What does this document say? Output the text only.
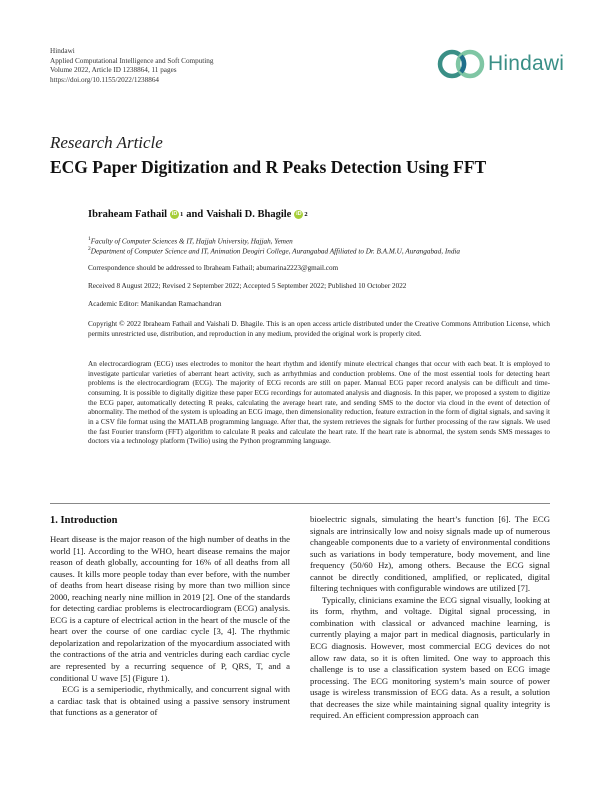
Hindawi
Applied Computational Intelligence and Soft Computing
Volume 2022, Article ID 1238864, 11 pages
https://doi.org/10.1155/2022/1238864
Hindawi
Research Article
ECG Paper Digitization and R Peaks Detection Using FFT
Ibraheam Fathail iD 1 and Vaishali D. Bhagile iD 2
$^1$Faculty of Computer Sciences & IT, Hajjah University, Hajjah, Yemen
$^2$Department of Computer Science and IT, Animation Deogiri College, Aurangabad Affiliated to Dr. B.A.M.U, Aurangabad, India
Correspondence should be addressed to Ibraheam Fathail; abumarina2223@gmail.com
Received 8 August 2022; Revised 2 September 2022; Accepted 5 September 2022; Published 10 October 2022
Academic Editor: Manikandan Ramachandran
Copyright © 2022 Ibraheam Fathail and Vaishali D. Bhagile. This is an open access article distributed under the Creative Commons Attribution License, which permits unrestricted use, distribution, and reproduction in any medium, provided the original work is properly cited.
An electrocardiogram (ECG) uses electrodes to monitor the heart rhythm and identify minute electrical changes that occur with each beat. It is employed to investigate particular varieties of aberrant heart activity, such as arrhythmias and conduction problems. One of the most essential tools for detecting heart problems is the electrocardiogram (ECG). The majority of ECG records are still on paper. Manual ECG paper record analysis can be difficult and time-consuming. It is possible to digitally digitize these paper ECG recordings for automated analysis and diagnosis. In this paper, we proposed a system to digitize the ECG paper, automatically detecting R peaks, calculating the average heart rate, and sending SMS to the doctor via cloud in the event of detection of abnormality. The method of the system is uploading an ECG image, then dimensionality reduction, feature extraction in the form of digital signals, and saving it in a CSV file format using the MATLAB programming language. After that, the system retrieves the signals for further processing of the raw signals. We used the fast Fourier transform (FFT) algorithm to calculate R peaks and calculate the heart rate. If the heart rate is abnormal, the system sends SMS messages to doctors via a technology platform (Twilio) using the Python programming language.
1. Introduction

Heart disease is the major reason of the high number of deaths in the world [1]. According to the WHO, heart disease remains the major reason of death globally, accounting for 16% of all deaths from all causes. It kills more people today than ever before, with the number of deaths from heart disease rising by more than two million since 2000, reaching nearly nine million in 2019 [2]. One of the standards for detecting cardiac problems is electrocardiogram (ECG) analysis. ECG is a capture of electrical action in the heart of the muscle of the heart over the course of one cardiac cycle [3, 4]. The rhythmic depolarization and repolarization of the myocardium associated with the contractions of the atria and ventricles during each cardiac cycle are represented by a recurring sequence of P, QRS, T, and a conditional U wave [5] (Figure 1).

ECG is a semiperiodic, rhythmically, and concurrent signal with a cardiac task that is obtained using a passive sensory instrument that functions as a generator of

bioelectric signals, simulating the heart’s function [6]. The ECG signals are intrinsically low and noisy signals made up of numerous changeable components due to a variety of environmental conditions such as variations in body temperature, body movement, and line frequency (50/60 Hz), among others. Because the ECG signal cannot be directly conditioned, amplified, or replicated, digital filtering techniques with configurable windows are utilized [7].

Typically, clinicians examine the ECG signal visually, looking at its form, rhythm, and voltage. Digital signal processing, in combination with classical or advanced machine learning, is currently playing a major part in medical diagnosis, particularly in ECG diagnosis. However, most commercial ECG devices do not allow raw data, so it is often limited. One way to approach this challenge is to use a classification system based on ECG image processing. The ECG monitoring system’s main source of power usage is wireless transmission of ECG data. As a result, a solution that decreases the size while maintaining signal quality integrity is required. An efficient compression approach can
